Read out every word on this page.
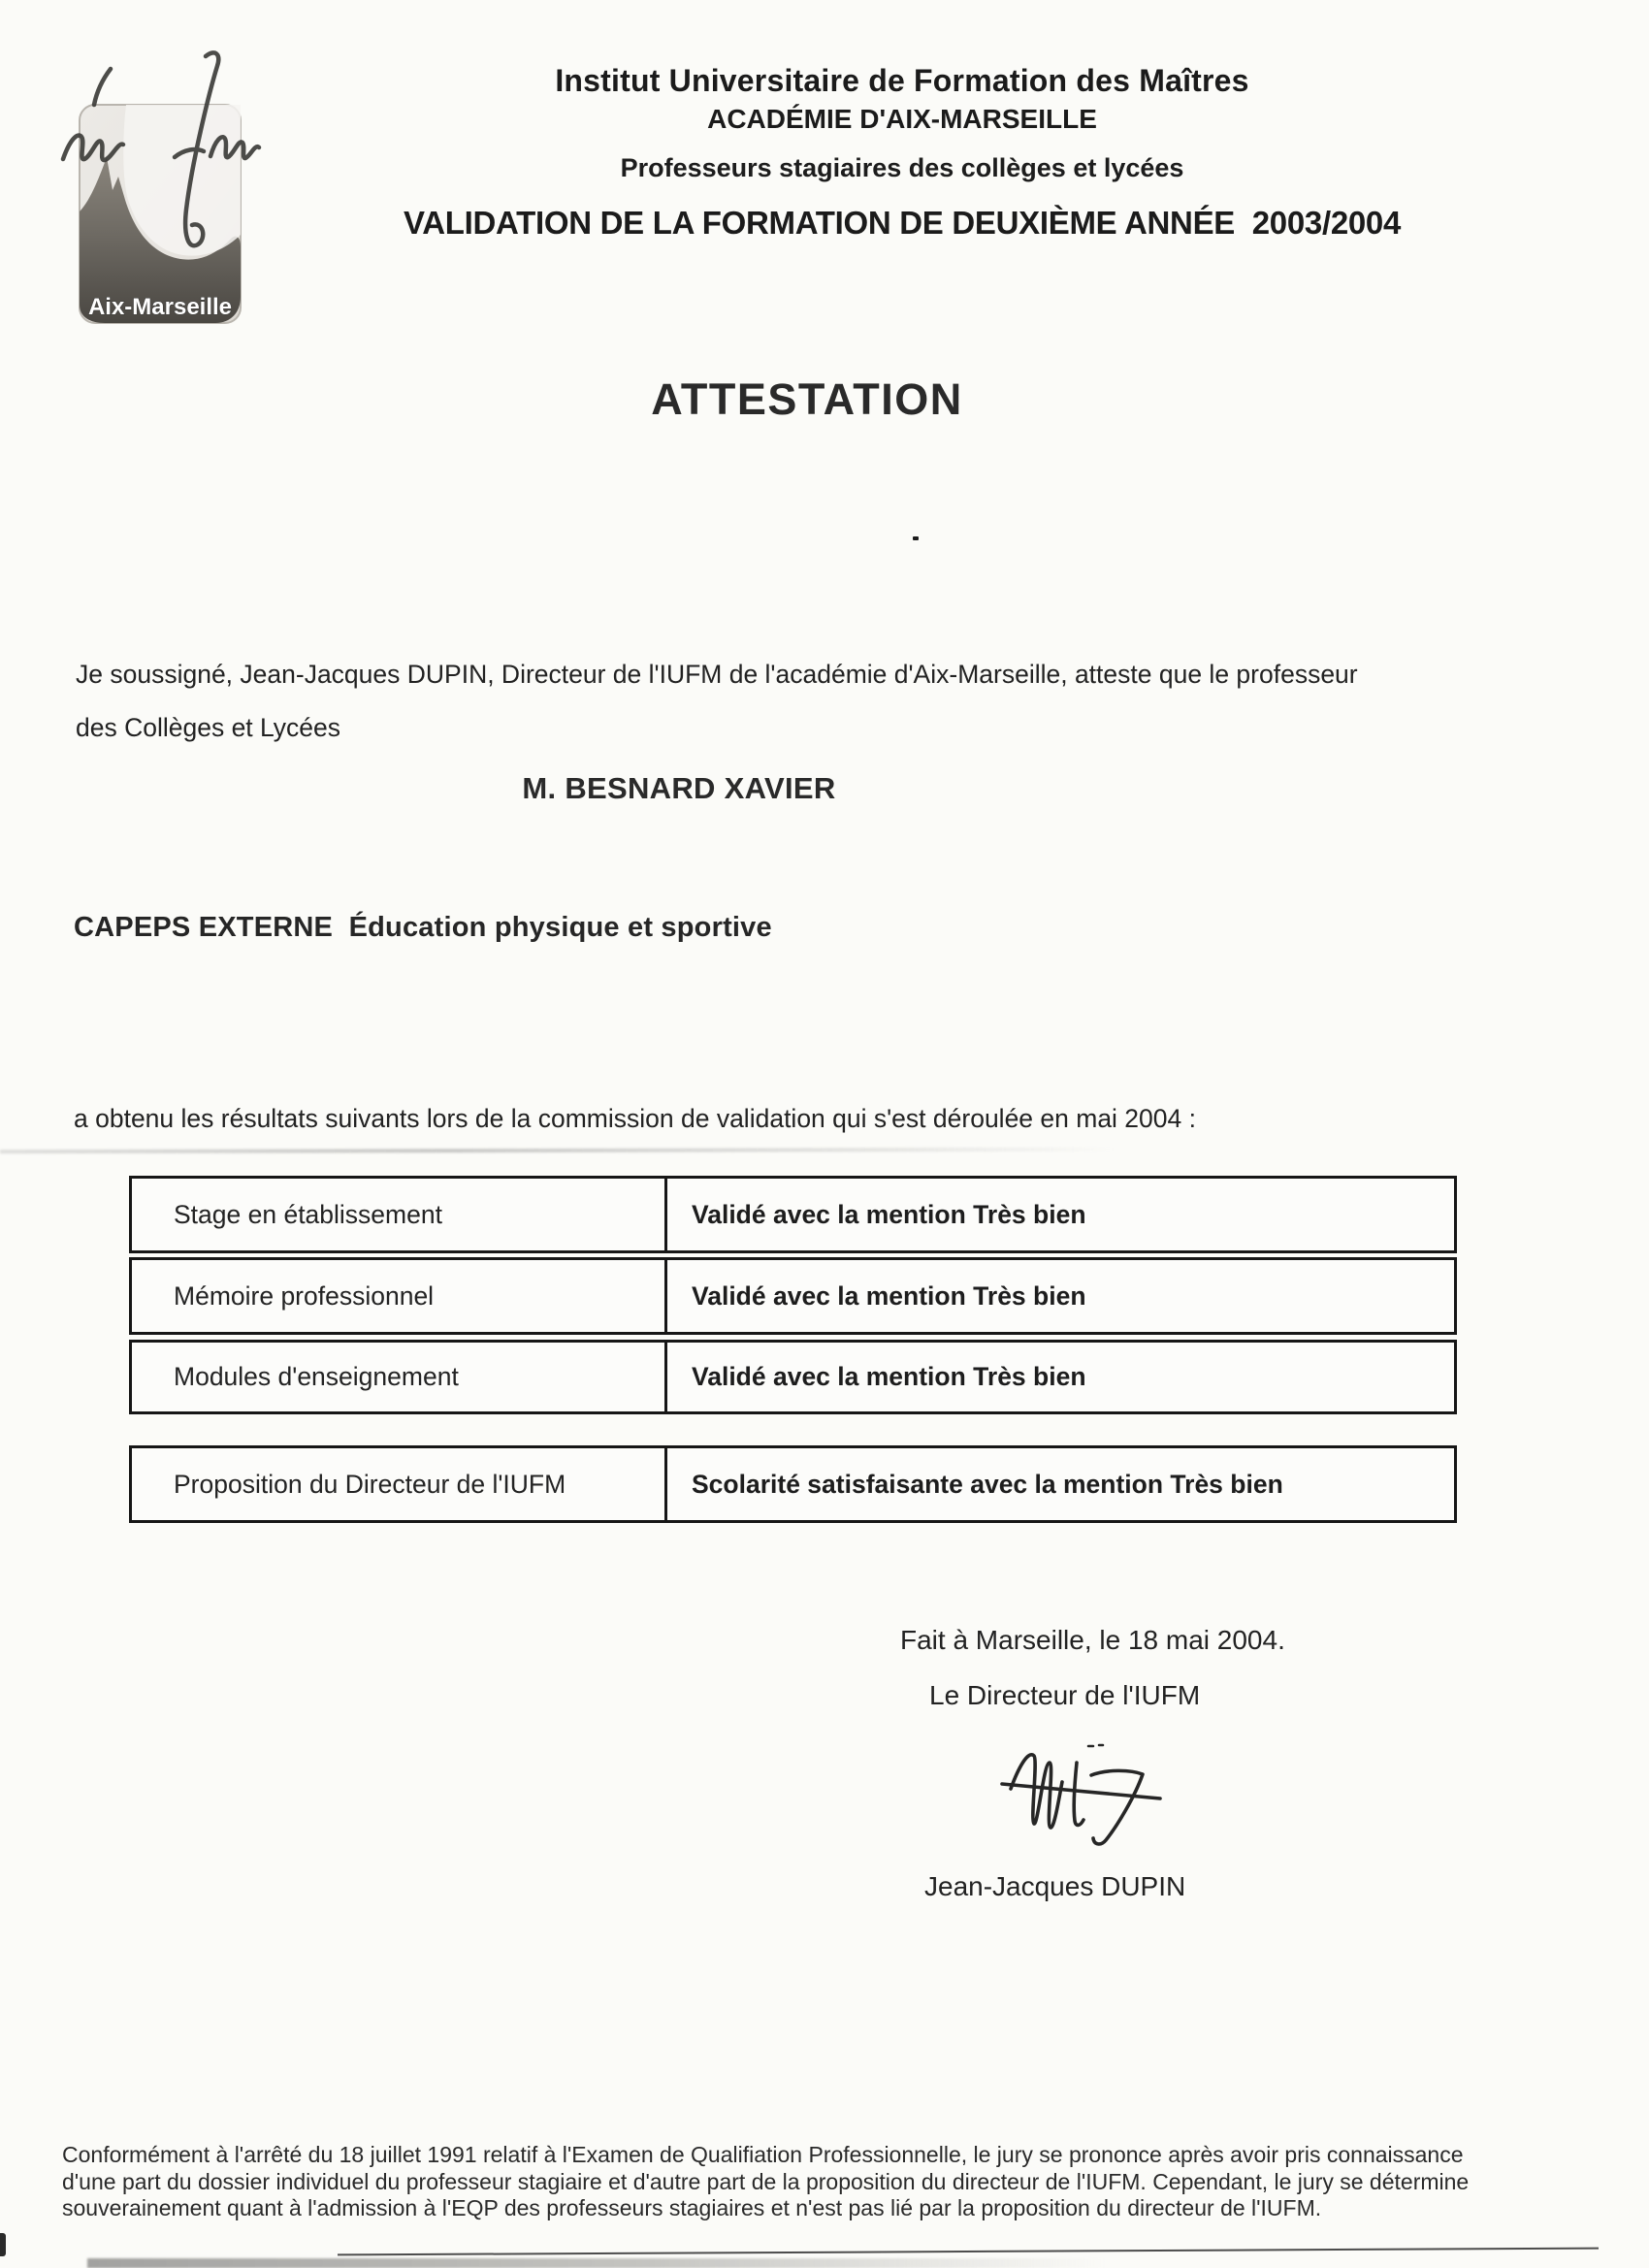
Aix-Marseille
Institut Universitaire de Formation des Maîtres
ACADÉMIE D'AIX-MARSEILLE
Professeurs stagiaires des collèges et lycées
VALIDATION DE LA FORMATION DE DEUXIÈME ANNÉE  2003/2004
ATTESTATION
Je soussigné, Jean-Jacques DUPIN, Directeur de l'IUFM de l'académie d'Aix-Marseille, atteste que le professeur
des Collèges et Lycées
M. BESNARD XAVIER
CAPEPS EXTERNE  Éducation physique et sportive
a obtenu les résultats suivants lors de la commission de validation qui s'est déroulée en mai 2004 :
Stage en établissement	Validé avec la mention Très bien
Mémoire professionnel	Validé avec la mention Très bien
Modules d'enseignement	Validé avec la mention Très bien
Proposition du Directeur de l'IUFM	Scolarité satisfaisante avec la mention Très bien
Fait à Marseille, le 18 mai 2004.
Le Directeur de l'IUFM
Jean-Jacques DUPIN
Conformément à l'arrêté du 18 juillet 1991 relatif à l'Examen de Qualifiation Professionnelle, le jury se prononce après avoir pris connaissance
d'une part du dossier individuel du professeur stagiaire et d'autre part de la proposition du directeur de l'IUFM. Cependant, le jury se détermine
souverainement quant à l'admission à l'EQP des professeurs stagiaires et n'est pas lié par la proposition du directeur de l'IUFM.
